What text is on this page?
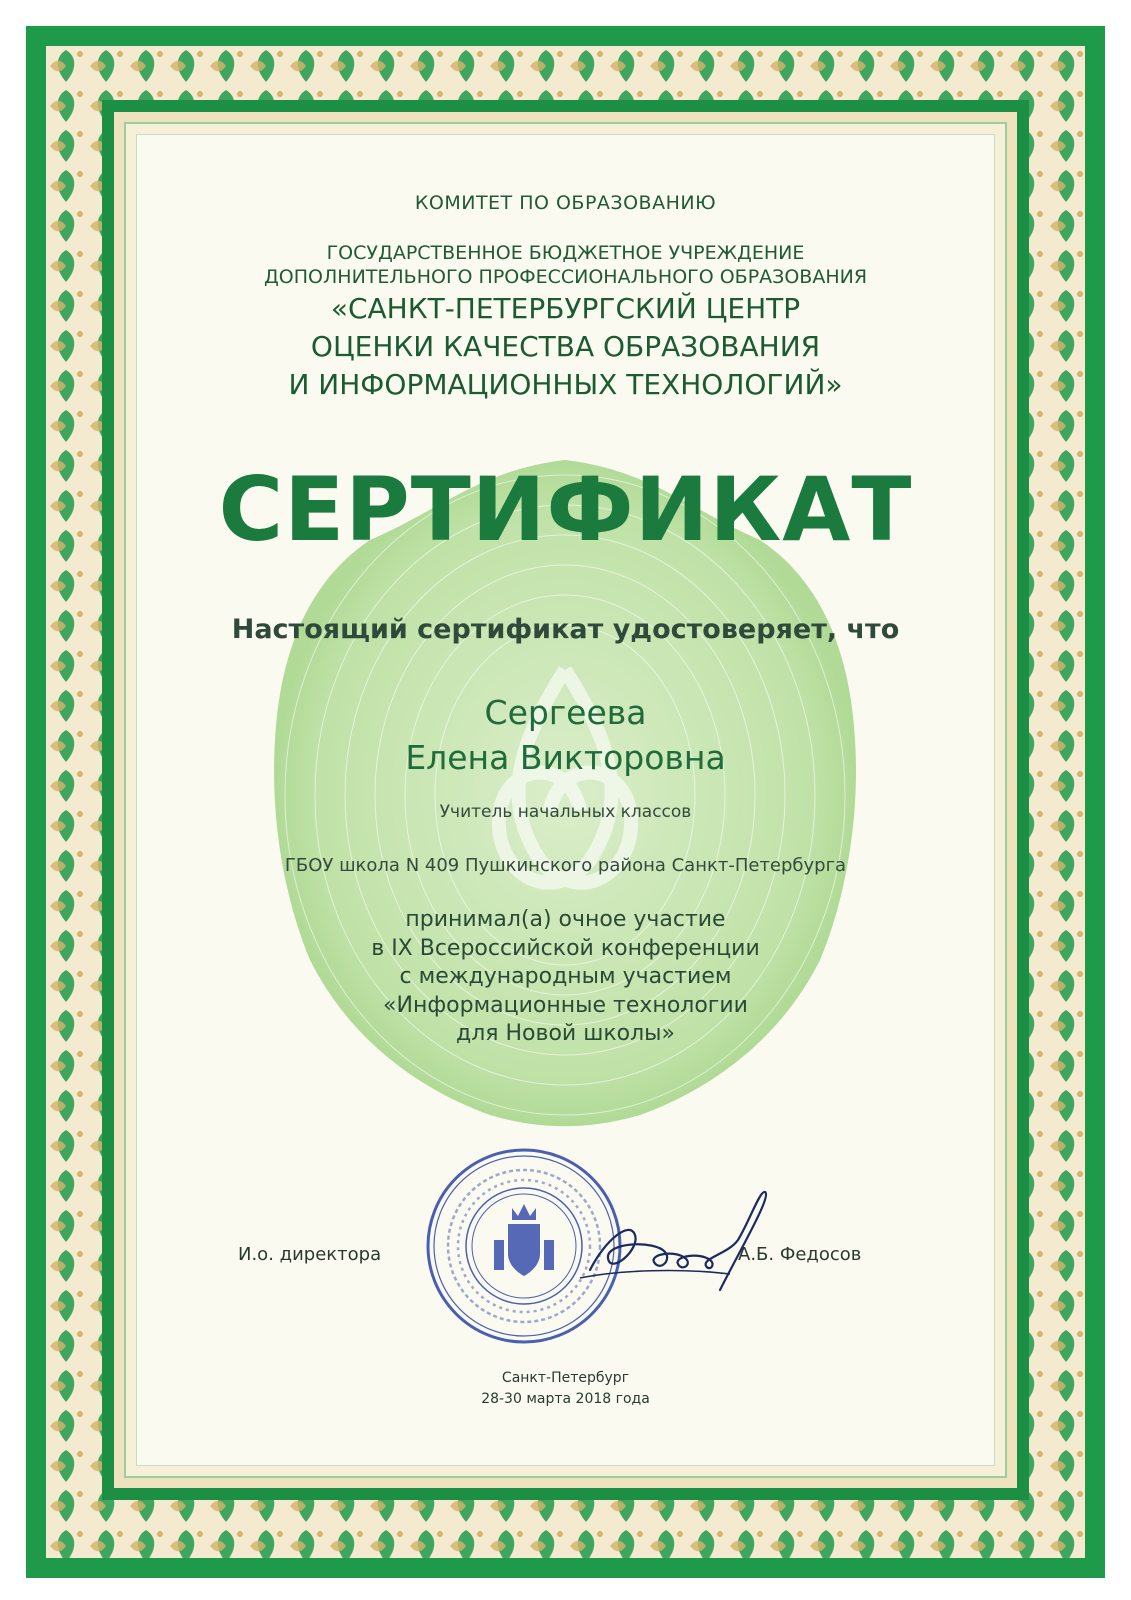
КОМИТЕТ ПО ОБРАЗОВАНИЮ
ГОСУДАРСТВЕННОЕ БЮДЖЕТНОЕ УЧРЕЖДЕНИЕ
ДОПОЛНИТЕЛЬНОГО ПРОФЕССИОНАЛЬНОГО ОБРАЗОВАНИЯ
«САНКТ-ПЕТЕРБУРГСКИЙ ЦЕНТР
ОЦЕНКИ КАЧЕСТВА ОБРАЗОВАНИЯ
И ИНФОРМАЦИОННЫХ ТЕХНОЛОГИЙ»
СЕРТИФИКАТ
Настоящий сертификат удостоверяет, что
Сергеева
Елена Викторовна
Учитель начальных классов
ГБОУ школа N 409 Пушкинского района Санкт-Петербурга
принимал(а) очное участие
в IX Всероссийской конференции
с международным участием
«Информационные технологии
для Новой школы»
И.о. директора	А.Б. Федосов
Санкт-Петербург
28-30 марта 2018 года
